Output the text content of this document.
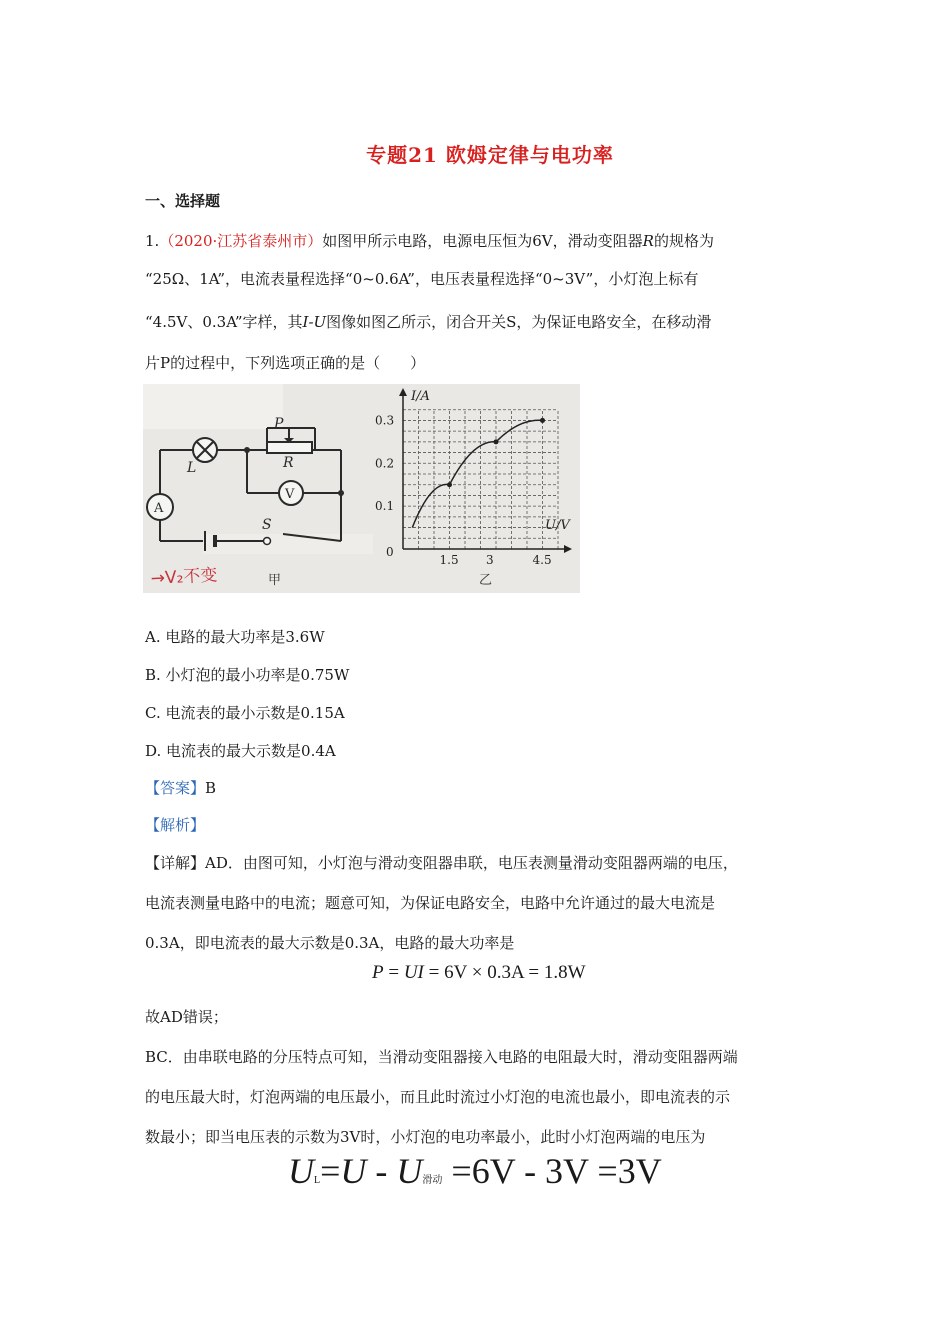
专题21 欧姆定律与电功率
一、选择题
1.（2020·江苏省泰州市）如图甲所示电路，电源电压恒为6V，滑动变阻器R的规格为
“25Ω、1A”，电流表量程选择“0~0.6A”，电压表量程选择“0~3V”，小灯泡上标有
“4.5V、0.3A”字样，其I-U图像如图乙所示，闭合开关S，为保证电路安全，在移动滑
片P的过程中，下列选项正确的是（　　）
P
R
L
A
V
S
→V₂不变	甲
I/A
U/V
0
1.5 3	4.5
0.1
0.2
0.3
乙
A. 电路的最大功率是3.6W
B. 小灯泡的最小功率是0.75W
C. 电流表的最小示数是0.15A
D. 电流表的最大示数是0.4A
【答案】B
【解析】
【详解】AD．由图可知，小灯泡与滑动变阻器串联，电压表测量滑动变阻器两端的电压，
电流表测量电路中的电流；题意可知，为保证电路安全，电路中允许通过的最大电流是
0.3A，即电流表的最大示数是0.3A，电路的最大功率是
P = UI = 6V × 0.3A = 1.8W
故AD错误；
BC．由串联电路的分压特点可知，当滑动变阻器接入电路的电阻最大时，滑动变阻器两端
的电压最大时，灯泡两端的电压最小，而且此时流过小灯泡的电流也最小，即电流表的示
数最小；即当电压表的示数为3V时，小灯泡的电功率最小，此时小灯泡两端的电压为
UL=U - U滑动 =6V - 3V =3V
